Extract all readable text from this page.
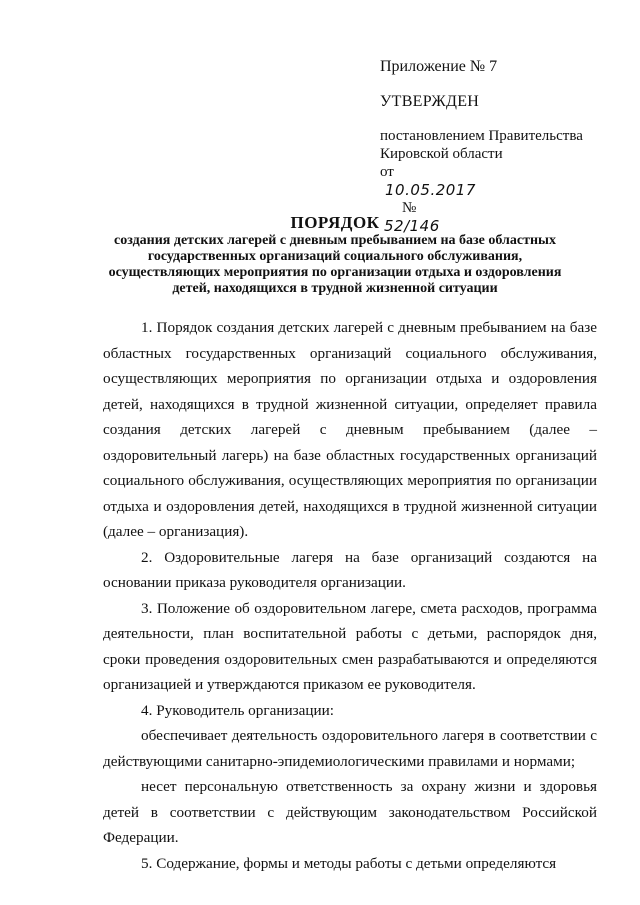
Приложение № 7
УТВЕРЖДЕН
постановлением Правительства
Кировской области
от
10.05.2017
№
52/146
ПОРЯДОК
создания детских лагерей с дневным пребыванием на базе областных
государственных организаций социального обслуживания,
осуществляющих мероприятия по организации отдыха и оздоровления
детей, находящихся в трудной жизненной ситуации

1. Порядок создания детских лагерей с дневным пребыванием на базе областных государственных организаций социального обслуживания, осуществляющих мероприятия по организации отдыха и оздоровления детей, находящихся в трудной жизненной ситуации, определяет правила создания детских лагерей с дневным пребыванием (далее – оздоровительный лагерь) на базе областных государственных организаций социального обслуживания, осуществляющих мероприятия по организации отдыха и оздоровления детей, находящихся в трудной жизненной ситуации (далее – организация).

2. Оздоровительные лагеря на базе организаций создаются на основании приказа руководителя организации.

3. Положение об оздоровительном лагере, смета расходов, программа деятельности, план воспитательной работы с детьми, распорядок дня, сроки проведения оздоровительных смен разрабатываются и определяются организацией и утверждаются приказом ее руководителя.

4. Руководитель организации:

обеспечивает деятельность оздоровительного лагеря в соответствии с действующими санитарно-эпидемиологическими правилами и нормами;

несет персональную ответственность за охрану жизни и здоровья детей в соответствии с действующим законодательством Российской Федерации.

5. Содержание, формы и методы работы с детьми определяются
